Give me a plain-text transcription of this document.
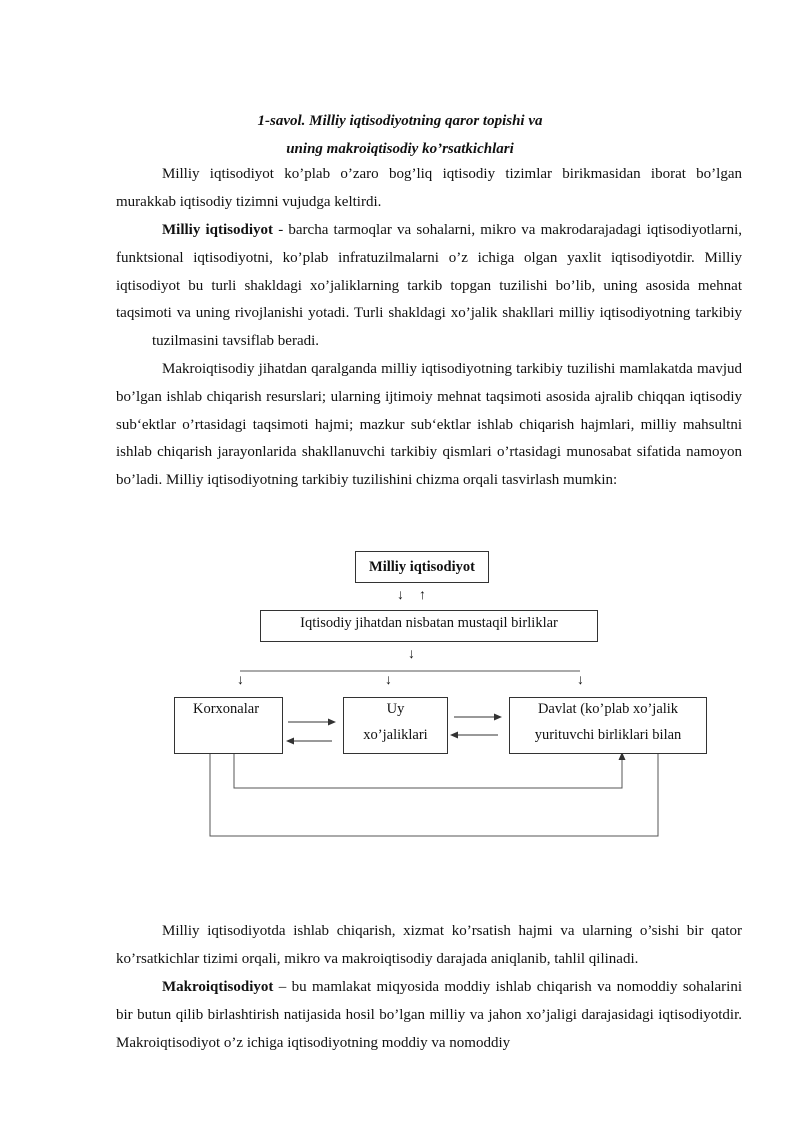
1-savol. Milliy iqtisodiyotning qaror topishi va
uning makroiqtisodiy ko’rsatkichlari

Milliy iqtisodiyot ko’plab o’zaro bog’liq iqtisodiy tizimlar birikmasidan iborat bo’lgan murakkab iqtisodiy tizimni vujudga keltirdi.

Milliy iqtisodiyot - barcha tarmoqlar va sohalarni, mikro va makrodarajadagi iqtisodiyotlarni, funktsional iqtisodiyotni, ko’plab infratuzilmalarni o’z ichiga olgan yaxlit iqtisodiyotdir. Milliy iqtisodiyot bu turli shakldagi xo’jaliklarning tarkib topgan tuzilishi bo’lib, uning asosida mehnat taqsimoti va uning rivojlanishi yotadi. Turli shakldagi xo’jalik shakllari milliy iqtisodiyotning tarkibiytuzilmasini tavsiflab beradi.

Makroiqtisodiy jihatdan qaralganda milliy iqtisodiyotning tarkibiy tuzilishi mamlakatda mavjud bo’lgan ishlab chiqarish resurslari; ularning ijtimoiy mehnat taqsimoti asosida ajralib chiqqan iqtisodiy sub‘ektlar o’rtasidagi taqsimoti hajmi; mazkur sub‘ektlar ishlab chiqarish hajmlari, milliy mahsultni ishlab chiqarish jarayonlarida shakllanuvchi tarkibiy qismlari o’rtasidagi munosabat sifatida namoyon bo’ladi. Milliy iqtisodiyotning tarkibiy tuzilishini chizma orqali tasvirlash mumkin:

Milliy iqtisodiyot
↓ ↑
Iqtisodiy jihatdan nisbatan mustaqil birliklar
↓
↓	↓	↓
Korxonalar	Uy
xo’jaliklari
Davlat (ko’plab xo’jalik
yurituvchi birliklari bilan

Milliy iqtisodiyotda ishlab chiqarish, xizmat ko’rsatish hajmi va ularning o’sishi bir qator ko’rsatkichlar tizimi orqali, mikro va makroiqtisodiy darajada aniqlanib, tahlil qilinadi.

Makroiqtisodiyot – bu mamlakat miqyosida moddiy ishlab chiqarish va nomoddiy sohalarini bir butun qilib birlashtirish natijasida hosil bo’lgan milliy va jahon xo’jaligi darajasidagi iqtisodiyotdir. Makroiqtisodiyot o’z ichiga iqtisodiyotning moddiy va nomoddiy
